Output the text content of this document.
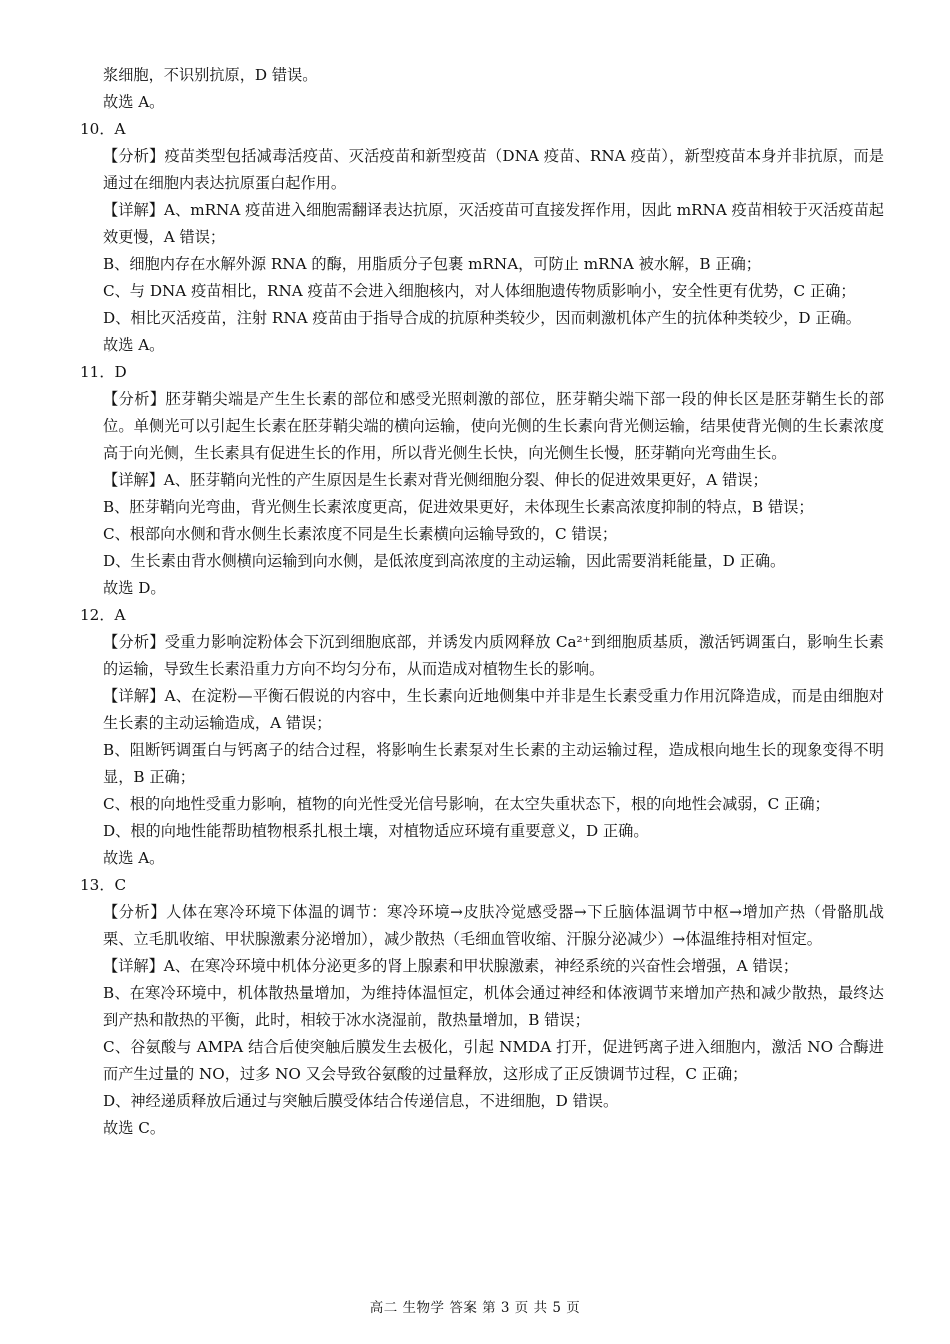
浆细胞，不识别抗原，D 错误。

故选 A。

10．A

【分析】疫苗类型包括减毒活疫苗、灭活疫苗和新型疫苗（DNA 疫苗、RNA 疫苗），新型疫苗本身并非抗原，而是通过在细胞内表达抗原蛋白起作用。

【详解】A、mRNA 疫苗进入细胞需翻译表达抗原，灭活疫苗可直接发挥作用，因此 mRNA 疫苗相较于灭活疫苗起效更慢，A 错误；

B、细胞内存在水解外源 RNA 的酶，用脂质分子包裹 mRNA，可防止 mRNA 被水解，B 正确；

C、与 DNA 疫苗相比，RNA 疫苗不会进入细胞核内，对人体细胞遗传物质影响小，安全性更有优势，C 正确；

D、相比灭活疫苗，注射 RNA 疫苗由于指导合成的抗原种类较少，因而刺激机体产生的抗体种类较少，D 正确。

故选 A。

11．D

【分析】胚芽鞘尖端是产生生长素的部位和感受光照刺激的部位，胚芽鞘尖端下部一段的伸长区是胚芽鞘生长的部位。单侧光可以引起生长素在胚芽鞘尖端的横向运输，使向光侧的生长素向背光侧运输，结果使背光侧的生长素浓度高于向光侧，生长素具有促进生长的作用，所以背光侧生长快，向光侧生长慢，胚芽鞘向光弯曲生长。

【详解】A、胚芽鞘向光性的产生原因是生长素对背光侧细胞分裂、伸长的促进效果更好，A 错误；

B、胚芽鞘向光弯曲，背光侧生长素浓度更高，促进效果更好，未体现生长素高浓度抑制的特点，B 错误；

C、根部向水侧和背水侧生长素浓度不同是生长素横向运输导致的，C 错误；

D、生长素由背水侧横向运输到向水侧，是低浓度到高浓度的主动运输，因此需要消耗能量，D 正确。

故选 D。

12．A

【分析】受重力影响淀粉体会下沉到细胞底部，并诱发内质网释放 Ca²⁺到细胞质基质，激活钙调蛋白，影响生长素的运输，导致生长素沿重力方向不均匀分布，从而造成对植物生长的影响。

【详解】A、在淀粉—平衡石假说的内容中，生长素向近地侧集中并非是生长素受重力作用沉降造成，而是由细胞对生长素的主动运输造成，A 错误；

B、阻断钙调蛋白与钙离子的结合过程，将影响生长素泵对生长素的主动运输过程，造成根向地生长的现象变得不明显，B 正确；

C、根的向地性受重力影响，植物的向光性受光信号影响，在太空失重状态下，根的向地性会减弱，C 正确；

D、根的向地性能帮助植物根系扎根土壤，对植物适应环境有重要意义，D 正确。

故选 A。

13．C

【分析】人体在寒冷环境下体温的调节：寒冷环境→皮肤冷觉感受器→下丘脑体温调节中枢→增加产热（骨骼肌战栗、立毛肌收缩、甲状腺激素分泌增加），减少散热（毛细血管收缩、汗腺分泌减少）→体温维持相对恒定。

【详解】A、在寒冷环境中机体分泌更多的肾上腺素和甲状腺激素，神经系统的兴奋性会增强，A 错误；

B、在寒冷环境中，机体散热量增加，为维持体温恒定，机体会通过神经和体液调节来增加产热和减少散热，最终达到产热和散热的平衡，此时，相较于冰水浇湿前，散热量增加，B 错误；

C、谷氨酸与 AMPA 结合后使突触后膜发生去极化，引起 NMDA 打开，促进钙离子进入细胞内，激活 NO 合酶进而产生过量的 NO，过多 NO 又会导致谷氨酸的过量释放，这形成了正反馈调节过程，C 正确；

D、神经递质释放后通过与突触后膜受体结合传递信息，不进细胞，D 错误。

故选 C。

高二 生物学 答案 第 3 页 共 5 页
